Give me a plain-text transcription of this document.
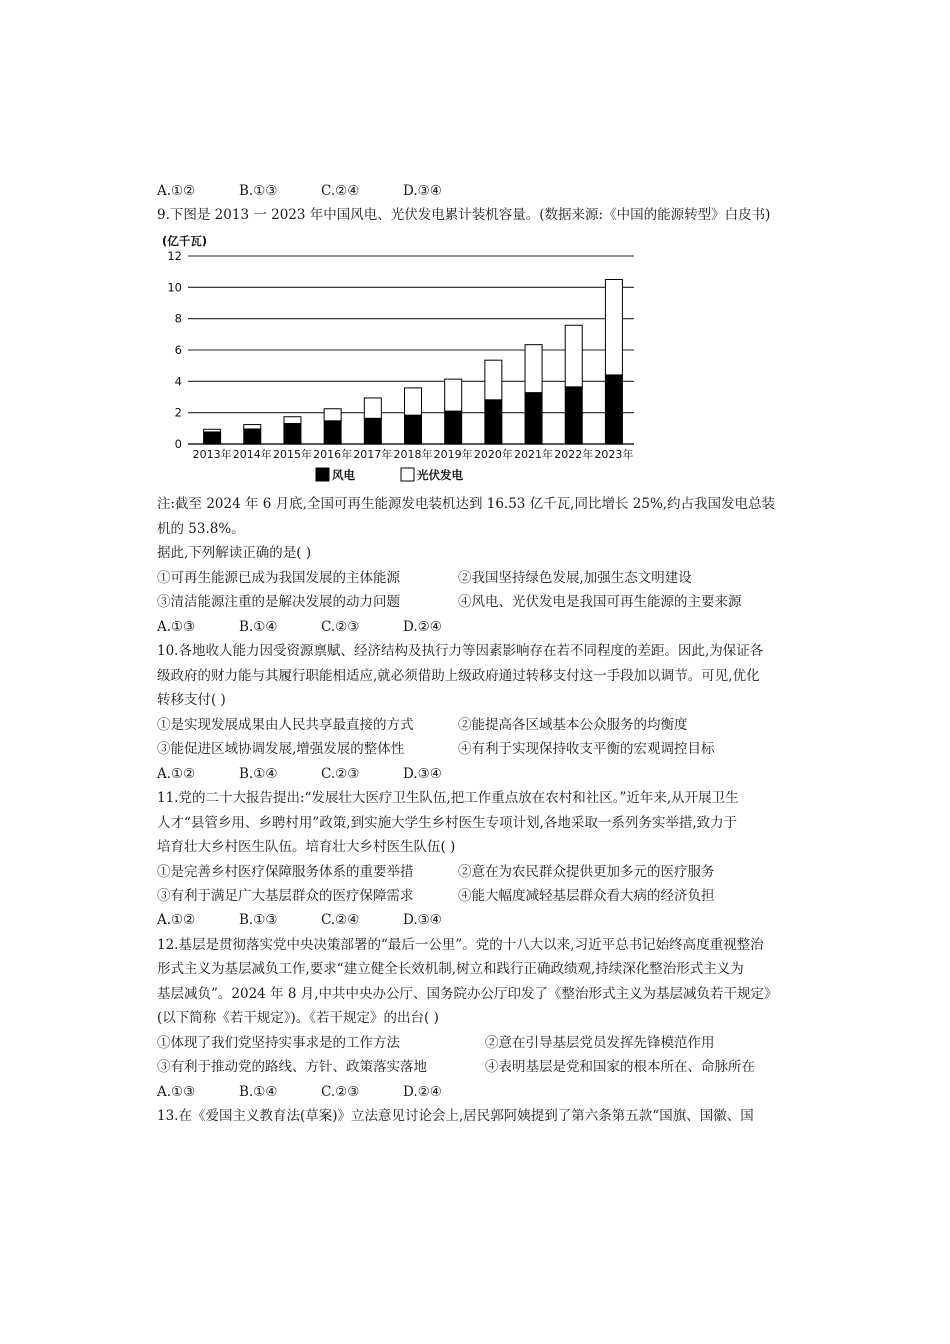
A.①②	B.①③	C.②④	D.③④
9.下图是 2013 一 2023 年中国风电、光伏发电累计装机容量。(数据来源:《中国的能源转型》白皮书)
0
2
4
6
8
10
12
2013年 2014年 2015年 2016年 2017年 2018年 2019年 2020年 2021年 2022年 2023年
(亿千瓦)
风电	光伏发电
注:截至 2024 年 6 月底,全国可再生能源发电装机达到 16.53 亿千瓦,同比增长 25%,约占我国发电总装
机的 53.8%。
据此,下列解读正确的是( )
①可再生能源已成为我国发展的主体能源	②我国坚持绿色发展,加强生态文明建设
③清洁能源注重的是解决发展的动力问题	④风电、光伏发电是我国可再生能源的主要来源
A.①③	B.①④	C.②③	D.②④
10.各地收人能力因受资源禀赋、经济结构及执行力等因素影响存在若不同程度的差距。因此,为保证各
级政府的财力能与其履行职能相适应,就必须借助上级政府通过转移支付这一手段加以调节。可见,优化
转移支付( )
①是实现发展成果由人民共享最直接的方式	②能提高各区域基本公众服务的均衡度
③能促进区域协调发展,增强发展的整体性	④有利于实现保持收支平衡的宏观调控目标
A.①②	B.①④	C.②③	D.③④
11.党的二十大报告提出:“发展壮大医疗卫生队伍,把工作重点放在农村和社区。”近年来,从开展卫生
人才“县管乡用、乡聘村用”政策,到实施大学生乡村医生专项计划,各地采取一系列务实举措,致力于
培育壮大乡村医生队伍。培育壮大乡村医生队伍( )
①是完善乡村医疗保障服务体系的重要举措	②意在为农民群众提供更加多元的医疗服务
③有利于满足广大基层群众的医疗保障需求	④能大幅度减轻基层群众看大病的经济负担
A.①②	B.①③	C.②④	D.③④
12.基层是贯彻落实党中央决策部署的“最后一公里”。党的十八大以来,习近平总书记始终高度重视整治
形式主义为基层减负工作,要求“建立健全长效机制,树立和践行正确政绩观,持续深化整治形式主义为
基层减负”。2024 年 8 月,中共中央办公厅、国务院办公厅印发了《整治形式主义为基层减负若干规定》
(以下简称《若干规定》)。《若干规定》的出台( )
①体现了我们党坚持实事求是的工作方法	②意在引导基层党员发挥先锋模范作用
③有利于推动党的路线、方针、政策落实落地	④表明基层是党和国家的根本所在、命脉所在
A.①③	B.①④	C.②③	D.②④
13.在《爱国主义教育法(草案)》立法意见讨论会上,居民郭阿姨提到了第六条第五款“国旗、国徽、国
